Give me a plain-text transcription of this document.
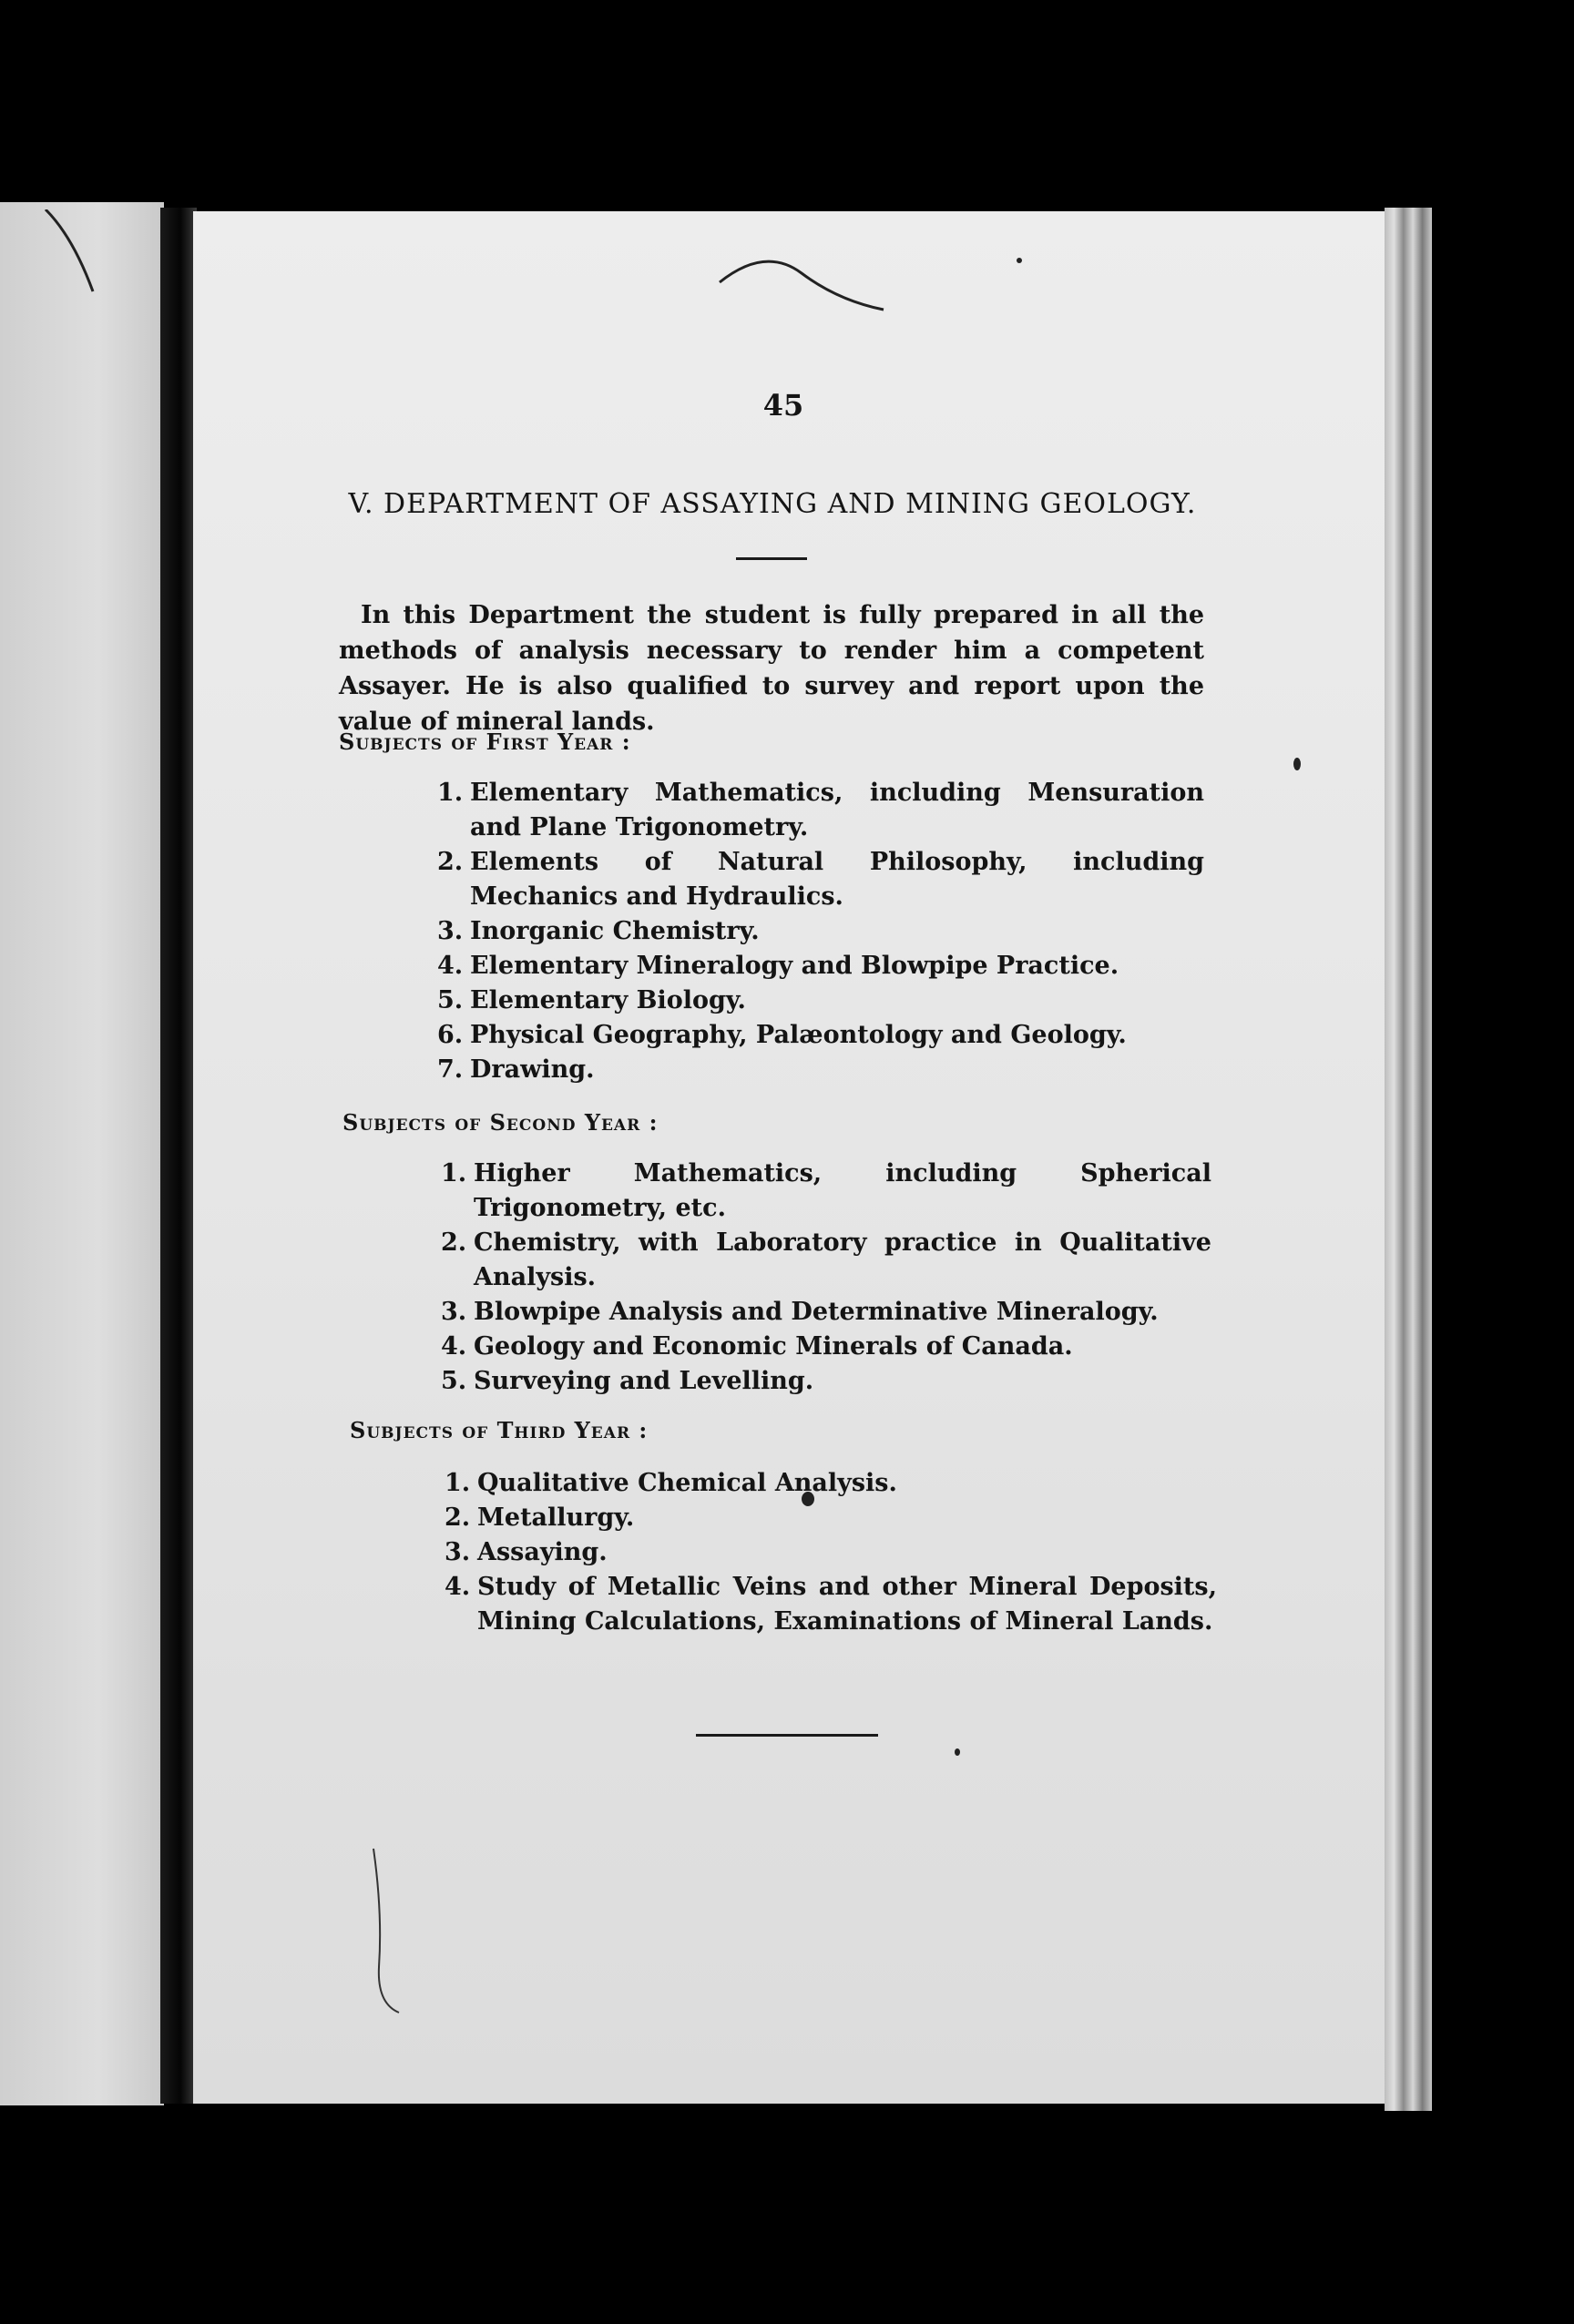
45
V. DEPARTMENT OF ASSAYING AND MINING GEOLOGY.
In this Department the student is fully prepared in all the methods of analysis necessary to render him a competent Assayer. He is also qualified to survey and report upon the value of mineral lands.
Subjects of First Year :
1. Elementary Mathematics, including Mensuration and Plane Trigonometry.
2. Elements of Natural Philosophy, including Mechanics and Hydraulics.
3. Inorganic Chemistry.
4. Elementary Mineralogy and Blowpipe Practice.
5. Elementary Biology.
6. Physical Geography, Palæontology and Geology.
7. Drawing.
Subjects of Second Year :
1. Higher Mathematics, including Spherical Trigonometry, etc.
2. Chemistry, with Laboratory practice in Qualitative Analysis.
3. Blowpipe Analysis and Determinative Mineralogy.
4. Geology and Economic Minerals of Canada.
5. Surveying and Levelling.
Subjects of Third Year :
1. Qualitative Chemical Analysis.
2. Metallurgy.
3. Assaying.
4. Study of Metallic Veins and other Mineral Deposits, Mining Calculations, Examinations of Mineral Lands.
